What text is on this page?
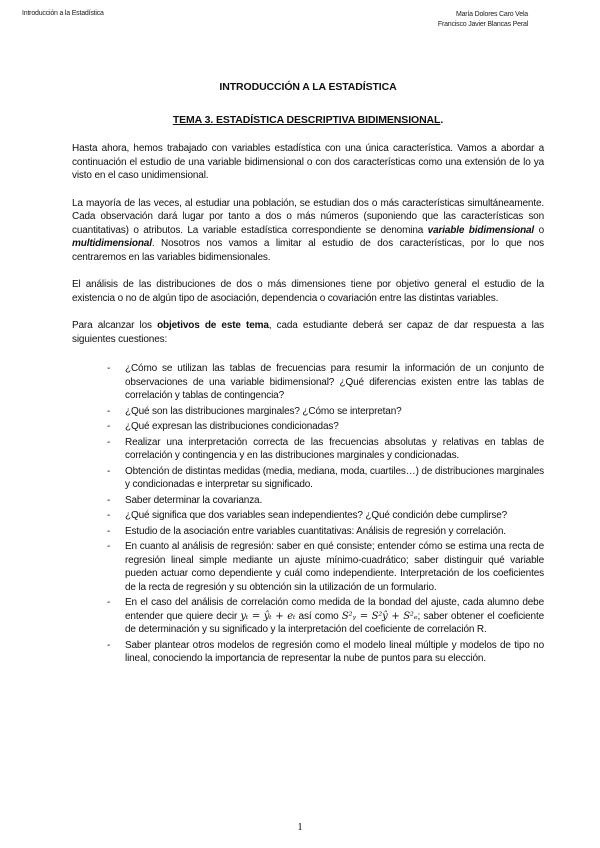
Introducción a la Estadística	María Dolores Caro Vela
Francisco Javier Blancas Peral
INTRODUCCIÓN A LA ESTADÍSTICA
TEMA 3. ESTADÍSTICA DESCRIPTIVA BIDIMENSIONAL.

Hasta ahora, hemos trabajado con variables estadística con una única característica. Vamos a abordar a continuación el estudio de una variable bidimensional o con dos características como una extensión de lo ya visto en el caso unidimensional.

La mayoría de las veces, al estudiar una población, se estudian dos o más características simultáneamente. Cada observación dará lugar por tanto a dos o más números (suponiendo que las características son cuantitativas) o atributos. La variable estadística correspondiente se denomina variable bidimensional o multidimensional. Nosotros nos vamos a limitar al estudio de dos características, por lo que nos centraremos en las variables bidimensionales.

El análisis de las distribuciones de dos o más dimensiones tiene por objetivo general el estudio de la existencia o no de algún tipo de asociación, dependencia o covariación entre las distintas variables.

Para alcanzar los objetivos de este tema, cada estudiante deberá ser capaz de dar respuesta a las siguientes cuestiones:

- ¿Cómo se utilizan las tablas de frecuencias para resumir la información de un conjunto de observaciones de una variable bidimensional? ¿Qué diferencias existen entre las tablas de correlación y tablas de contingencia?
- ¿Qué son las distribuciones marginales? ¿Cómo se interpretan?
- ¿Qué expresan las distribuciones condicionadas?
- Realizar una interpretación correcta de las frecuencias absolutas y relativas en tablas de correlación y contingencia y en las distribuciones marginales y condicionadas.
- Obtención de distintas medidas (media, mediana, moda, cuartiles…) de distribuciones marginales y condicionadas e interpretar su significado.
- Saber determinar la covarianza.
- ¿Qué significa que dos variables sean independientes? ¿Qué condición debe cumplirse?
- Estudio de la asociación entre variables cuantitativas: Análisis de regresión y correlación.
- En cuanto al análisis de regresión: saber en qué consiste; entender cómo se estima una recta de regresión lineal simple mediante un ajuste mínimo-cuadrático; saber distinguir qué variable pueden actuar como dependiente y cuál como independiente. Interpretación de los coeficientes de la recta de regresión y su obtención sin la utilización de un formulario.
- En el caso del análisis de correlación como medida de la bondad del ajuste, cada alumno debe entender que quiere decir yₜ = ŷₜ + eₜ así como S²ᵧ = S²ŷ + S²ₑ; saber obtener el coeficiente de determinación y su significado y la interpretación del coeficiente de correlación R.
- Saber plantear otros modelos de regresión como el modelo lineal múltiple y modelos de tipo no lineal, conociendo la importancia de representar la nube de puntos para su elección.
1
